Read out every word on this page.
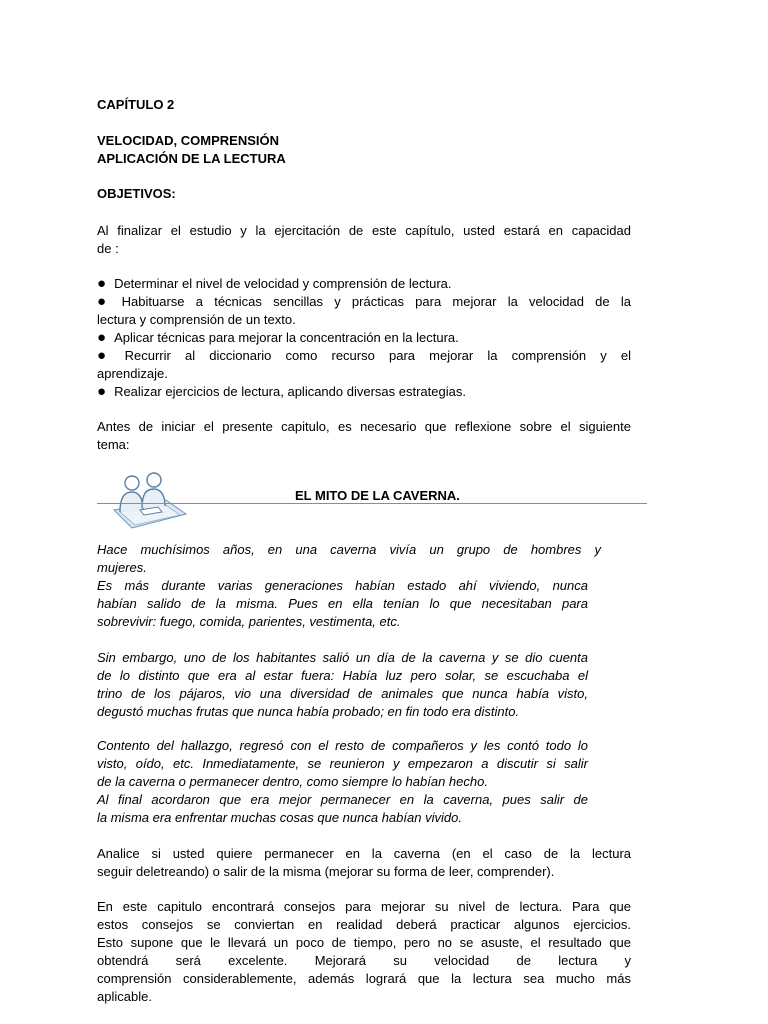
CAPÍTULO 2
VELOCIDAD, COMPRENSIÓN
APLICACIÓN DE LA LECTURA
OBJETIVOS:
Al finalizar el estudio y la ejercitación de este capítulo, usted estará en capacidad
de :
● Determinar el nivel de velocidad y comprensión de lectura.
● Habituarse a técnicas sencillas y prácticas para mejorar la velocidad de la
lectura y comprensión de un texto.
● Aplicar técnicas para mejorar la concentración en la lectura.
● Recurrir al diccionario como recurso para mejorar la comprensión y el
aprendizaje.
● Realizar ejercicios de lectura, aplicando diversas estrategias.
Antes de iniciar el presente capitulo, es necesario que reflexione sobre el siguiente
tema:
EL MITO DE LA CAVERNA.
Hace muchísimos años, en una caverna vivía un grupo de hombres y
mujeres.
Es más durante varias generaciones habían estado ahí viviendo, nunca
habían salido de la misma. Pues en ella tenían lo que necesitaban para
sobrevivir: fuego, comida, parientes, vestimenta, etc.
Sin embargo, uno de los habitantes salió un día de la caverna y se dio cuenta
de lo distinto que era al estar fuera: Había luz pero solar, se escuchaba el
trino de los pájaros, vio una diversidad de animales que nunca había visto,
degustó muchas frutas que nunca había probado; en fin todo era distinto.
Contento del hallazgo, regresó con el resto de compañeros y les contó todo lo
visto, oído, etc. Inmediatamente, se reunieron y empezaron a discutir si salir
de la caverna o permanecer dentro, como siempre lo habían hecho.
Al final acordaron que era mejor permanecer en la caverna, pues salir de
la misma era enfrentar muchas cosas que nunca habían vivido.
Analice si usted quiere permanecer en la caverna (en el caso de la lectura
seguir deletreando) o salir de la misma (mejorar su forma de leer, comprender).
En este capitulo encontrará consejos para mejorar su nivel de lectura. Para que
estos consejos se conviertan en realidad deberá practicar algunos ejercicios.
Esto supone que le llevará un poco de tiempo, pero no se asuste, el resultado que
obtendrá será excelente. Mejorará su velocidad de lectura y
comprensión considerablemente, además logrará que la lectura sea mucho más
aplicable.
